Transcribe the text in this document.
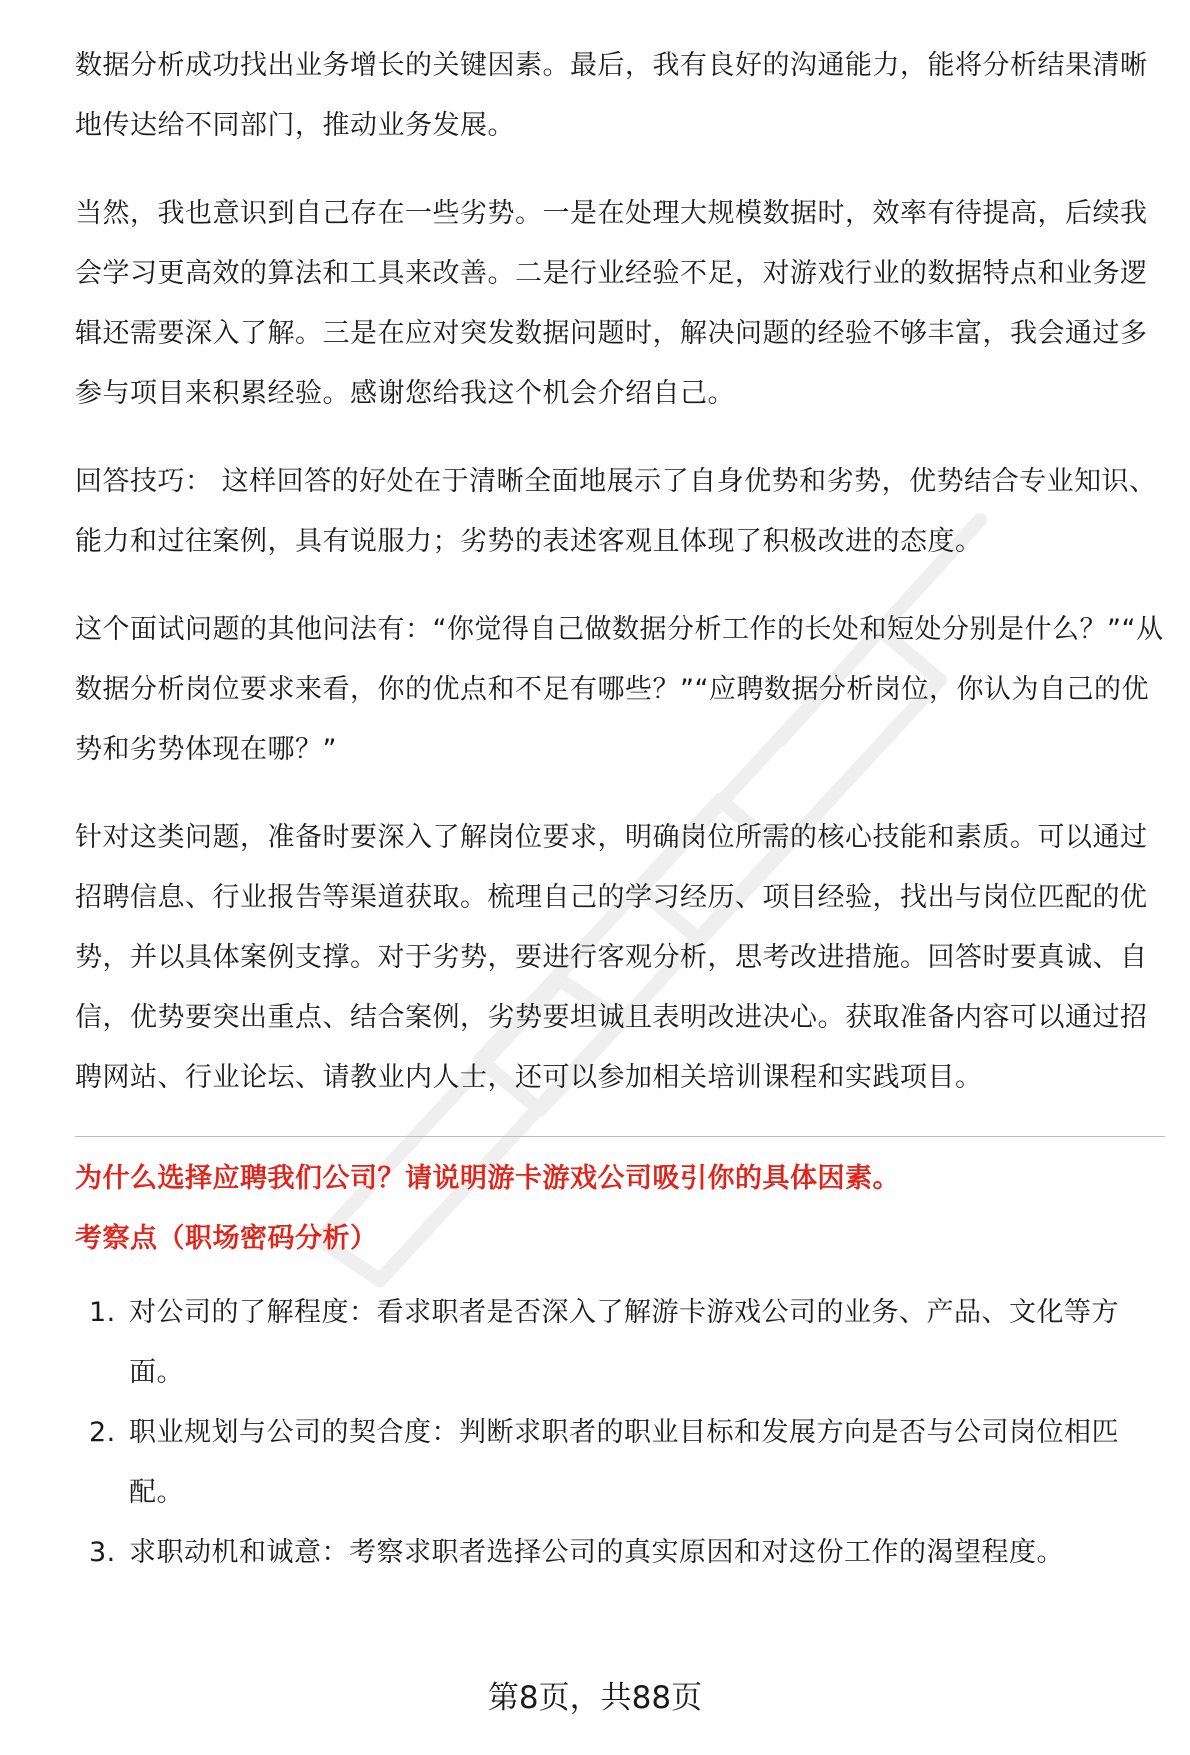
数据分析成功找出业务增长的关键因素。最后，我有良好的沟通能力，能将分析结果清晰地传达给不同部门，推动业务发展。

当然，我也意识到自己存在一些劣势。一是在处理大规模数据时，效率有待提高，后续我会学习更高效的算法和工具来改善。二是行业经验不足，对游戏行业的数据特点和业务逻辑还需要深入了解。三是在应对突发数据问题时，解决问题的经验不够丰富，我会通过多参与项目来积累经验。感谢您给我这个机会介绍自己。

回答技巧： 这样回答的好处在于清晰全面地展示了自身优势和劣势，优势结合专业知识、能力和过往案例，具有说服力；劣势的表述客观且体现了积极改进的态度。

这个面试问题的其他问法有：“你觉得自己做数据分析工作的长处和短处分别是什么？”“从数据分析岗位要求来看，你的优点和不足有哪些？”“应聘数据分析岗位，你认为自己的优势和劣势体现在哪？”

针对这类问题，准备时要深入了解岗位要求，明确岗位所需的核心技能和素质。可以通过招聘信息、行业报告等渠道获取。梳理自己的学习经历、项目经验，找出与岗位匹配的优势，并以具体案例支撑。对于劣势，要进行客观分析，思考改进措施。回答时要真诚、自信，优势要突出重点、结合案例，劣势要坦诚且表明改进决心。获取准备内容可以通过招聘网站、行业论坛、请教业内人士，还可以参加相关培训课程和实践项目。

为什么选择应聘我们公司？请说明游卡游戏公司吸引你的具体因素。

考察点（职场密码分析）

1. 对公司的了解程度：看求职者是否深入了解游卡游戏公司的业务、产品、文化等方面。
2. 职业规划与公司的契合度：判断求职者的职业目标和发展方向是否与公司岗位相匹配。
3. 求职动机和诚意：考察求职者选择公司的真实原因和对这份工作的渴望程度。
第8页，共88页
